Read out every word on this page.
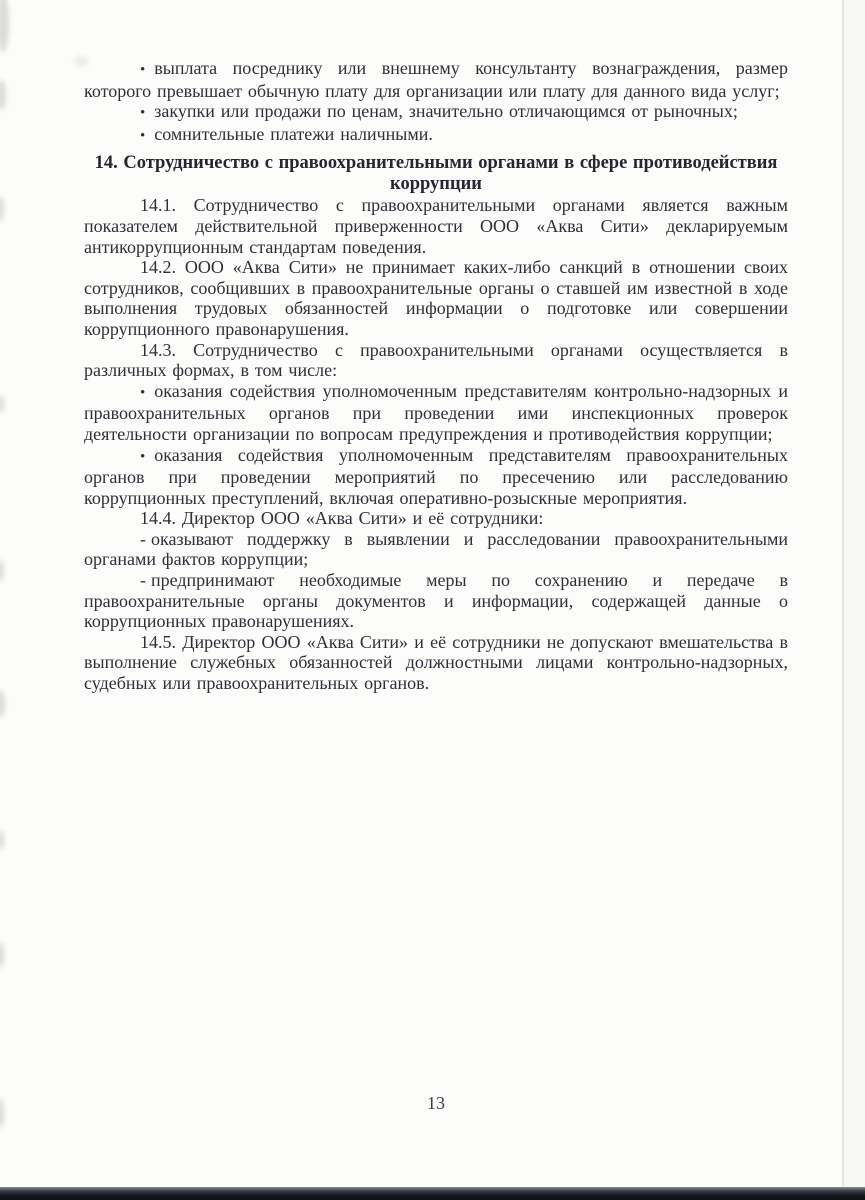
• выплата посреднику или внешнему консультанту вознаграждения, размер которого превышает обычную плату для организации или плату для данного вида услуг;

• закупки или продажи по ценам, значительно отличающимся от рыночных;

• сомнительные платежи наличными.

14. Сотрудничество с правоохранительными органами в сфере противодействия
коррупции

14.1. Сотрудничество с правоохранительными органами является важным показателем действительной приверженности ООО «Аква Сити» декларируемым антикоррупционным стандартам поведения.

14.2. ООО «Аква Сити» не принимает каких-либо санкций в отношении своих сотрудников, сообщивших в правоохранительные органы о ставшей им известной в ходе выполнения трудовых обязанностей информации о подготовке или совершении коррупционного правонарушения.

14.3. Сотрудничество с правоохранительными органами осуществляется в различных формах, в том числе:

• оказания содействия уполномоченным представителям контрольно-надзорных и правоохранительных органов при проведении ими инспекционных проверок деятельности организации по вопросам предупреждения и противодействия коррупции;

• оказания содействия уполномоченным представителям правоохранительных органов при проведении мероприятий по пресечению или расследованию коррупционных преступлений, включая оперативно-розыскные мероприятия.

14.4. Директор ООО «Аква Сити» и её сотрудники:

- оказывают поддержку в выявлении и расследовании правоохранительными органами фактов коррупции;

- предпринимают необходимые меры по сохранению и передаче в правоохранительные органы документов и информации, содержащей данные о коррупционных правонарушениях.

14.5. Директор ООО «Аква Сити» и её сотрудники не допускают вмешательства в выполнение служебных обязанностей должностными лицами контрольно-надзорных, судебных или правоохранительных органов.

13
